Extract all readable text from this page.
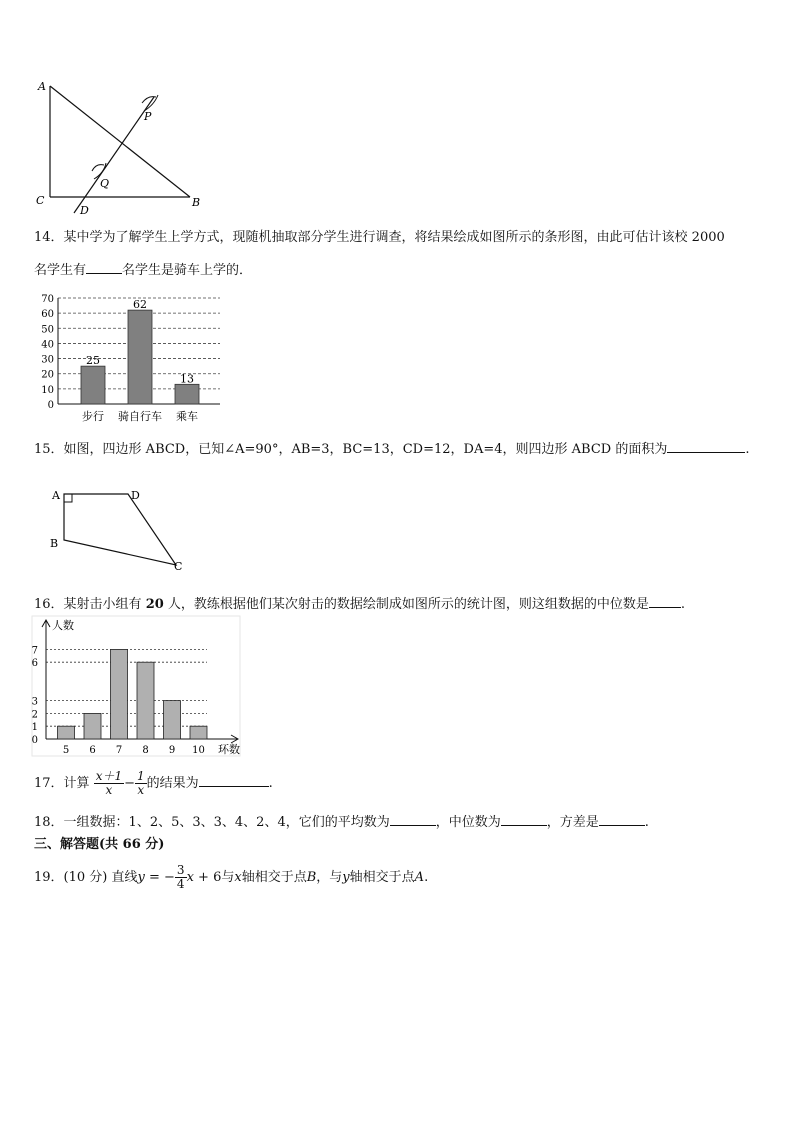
A
C
D
B
P
Q
14．某中学为了解学生上学方式，现随机抽取部分学生进行调查，将结果绘成如图所示的条形图，由此可估计该校 2000
名学生有	名学生是骑车上学的．
0
10
20
30
40
50
60
70
25
步行
62
骑自行车
13
乘车
15．如图，四边形 ABCD，已知∠A=90°，AB=3，BC=13，CD=12，DA=4，则四边形 ABCD 的面积为	.
A	D
B
C
16．某射击小组有 20 人，教练根据他们某次射击的数据绘制成如图所示的统计图，则这组数据的中位数是 .
人数
环数
0
1
2
3
6
7
5 6 7 8 9 10
17．计算 $\frac{x+1}{x} - \frac{1}{x}$ 的结果为	.
18．一组数据：1、2、5、3、3、4、2、4，它们的平均数为	，中位数为	，方差是	.
三、解答题(共 66 分)
19．(10 分) 直线y = − $\frac{3}{4}$ x + 6与x轴相交于点B，与y轴相交于点A.
